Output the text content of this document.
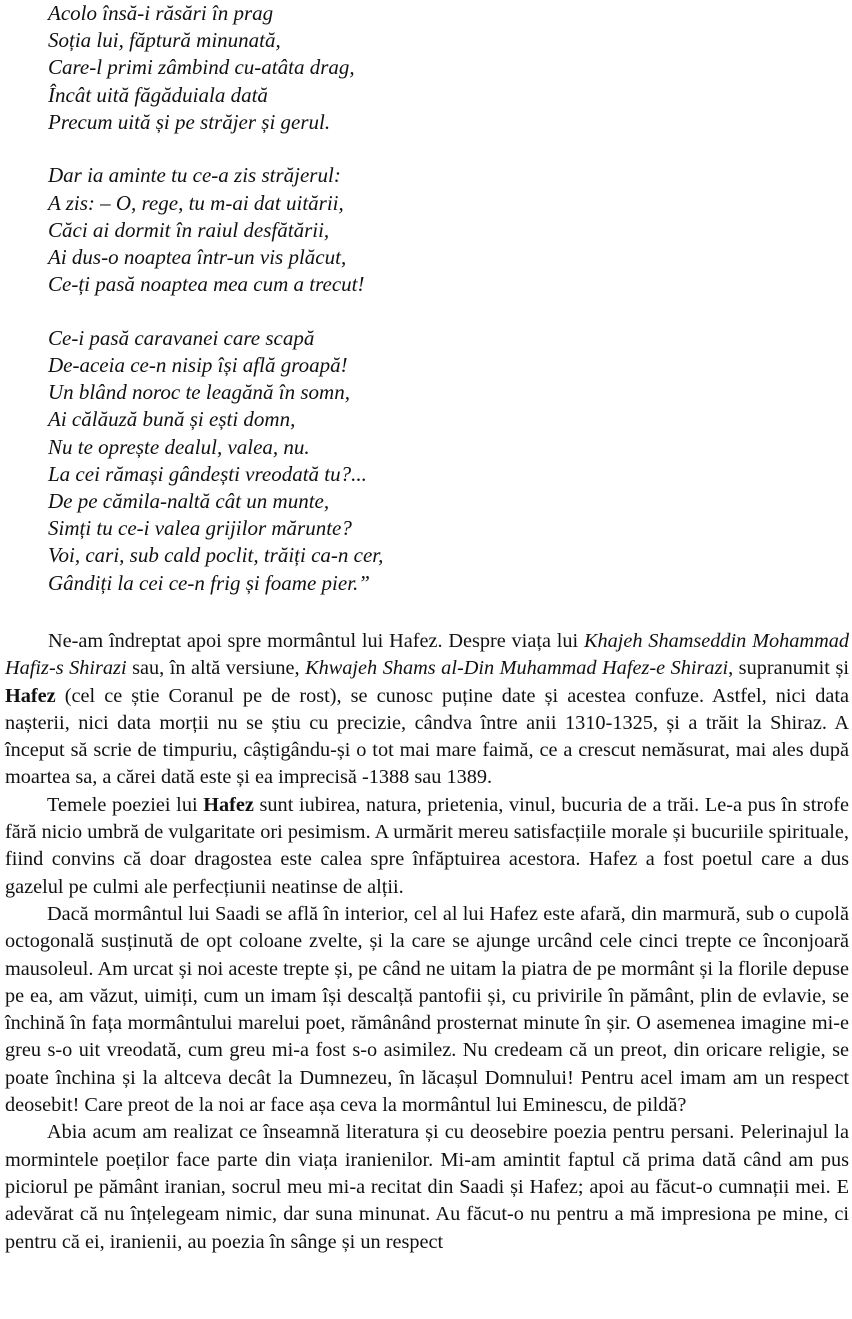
Acolo însă-i răsări în prag
Soția lui, făptură minunată,
Care-l primi zâmbind cu-atâta drag,
Încât uită făgăduiala dată
Precum uită și pe străjer și gerul.
Dar ia aminte tu ce-a zis străjerul:
A zis: – O, rege, tu m-ai dat uitării,
Căci ai dormit în raiul desfătării,
Ai dus-o noaptea într-un vis plăcut,
Ce-ți pasă noaptea mea cum a trecut!
Ce-i pasă caravanei care scapă
De-aceia ce-n nisip își află groapă!
Un blând noroc te leagănă în somn,
Ai călăuză bună și ești domn,
Nu te oprește dealul, valea, nu.
La cei rămași gândești vreodată tu?...
De pe cămila-naltă cât un munte,
Simți tu ce-i valea grijilor mărunte?
Voi, cari, sub cald poclit, trăiți ca-n cer,
Gândiți la cei ce-n frig și foame pier.”

Ne-am îndreptat apoi spre mormântul lui Hafez. Despre viața lui Khajeh Shamseddin Mohammad Hafiz-s Shirazi sau, în altă versiune, Khwajeh Shams al-Din Muhammad Hafez-e Shirazi, supranumit și Hafez (cel ce știe Coranul pe de rost), se cunosc puține date și acestea confuze. Astfel, nici data nașterii, nici data morții nu se știu cu precizie, cândva între anii 1310-1325, și a trăit la Shiraz. A început să scrie de timpuriu, câștigându-și o tot mai mare faimă, ce a crescut nemăsurat, mai ales după moartea sa, a cărei dată este și ea imprecisă -1388 sau 1389.

Temele poeziei lui Hafez sunt iubirea, natura, prietenia, vinul, bucuria de a trăi. Le-a pus în strofe fără nicio umbră de vulgaritate ori pesimism. A urmărit mereu satisfacțiile morale și bucuriile spirituale, fiind convins că doar dragostea este calea spre înfăptuirea acestora. Hafez a fost poetul care a dus gazelul pe culmi ale perfecțiunii neatinse de alții.

Dacă mormântul lui Saadi se află în interior, cel al lui Hafez este afară, din marmură, sub o cupolă octogonală susținută de opt coloane zvelte, și la care se ajunge urcând cele cinci trepte ce înconjoară mausoleul. Am urcat și noi aceste trepte și, pe când ne uitam la piatra de pe mormânt și la florile depuse pe ea, am văzut, uimiți, cum un imam își descalță pantofii și, cu privirile în pământ, plin de evlavie, se închină în fața mormântului marelui poet, rămânând prosternat minute în șir. O asemenea imagine mi-e greu s-o uit vreodată, cum greu mi-a fost s-o asimilez. Nu credeam că un preot, din oricare religie, se poate închina și la altceva decât la Dumnezeu, în lăcașul Domnului! Pentru acel imam am un respect deosebit! Care preot de la noi ar face așa ceva la mormântul lui Eminescu, de pildă?

Abia acum am realizat ce înseamnă literatura și cu deosebire poezia pentru persani. Pelerinajul la mormintele poeților face parte din viața iranienilor. Mi-am amintit faptul că prima dată când am pus piciorul pe pământ iranian, socrul meu mi-a recitat din Saadi și Hafez; apoi au făcut-o cumnații mei. E adevărat că nu înțelegeam nimic, dar suna minunat. Au făcut-o nu pentru a mă impresiona pe mine, ci pentru că ei, iranienii, au poezia în sânge și un respect
